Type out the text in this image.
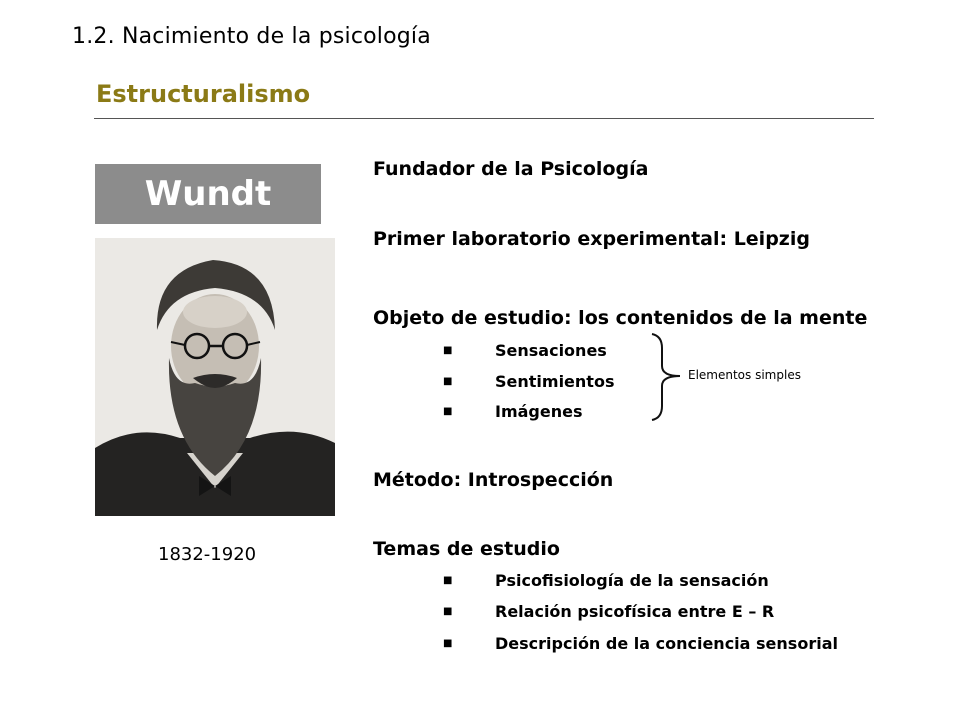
1.2. Nacimiento de la psicología
Estructuralismo
Wundt
1832-1920
Fundador de la Psicología
Primer laboratorio experimental: Leipzig
Objeto de estudio: los contenidos de la mente
■	Sensaciones
■	Sentimientos
■	Imágenes
Elementos simples
Método: Introspección
Temas de estudio
■	Psicofisiología de la sensación
■	Relación psicofísica entre E – R
■	Descripción de la conciencia sensorial
